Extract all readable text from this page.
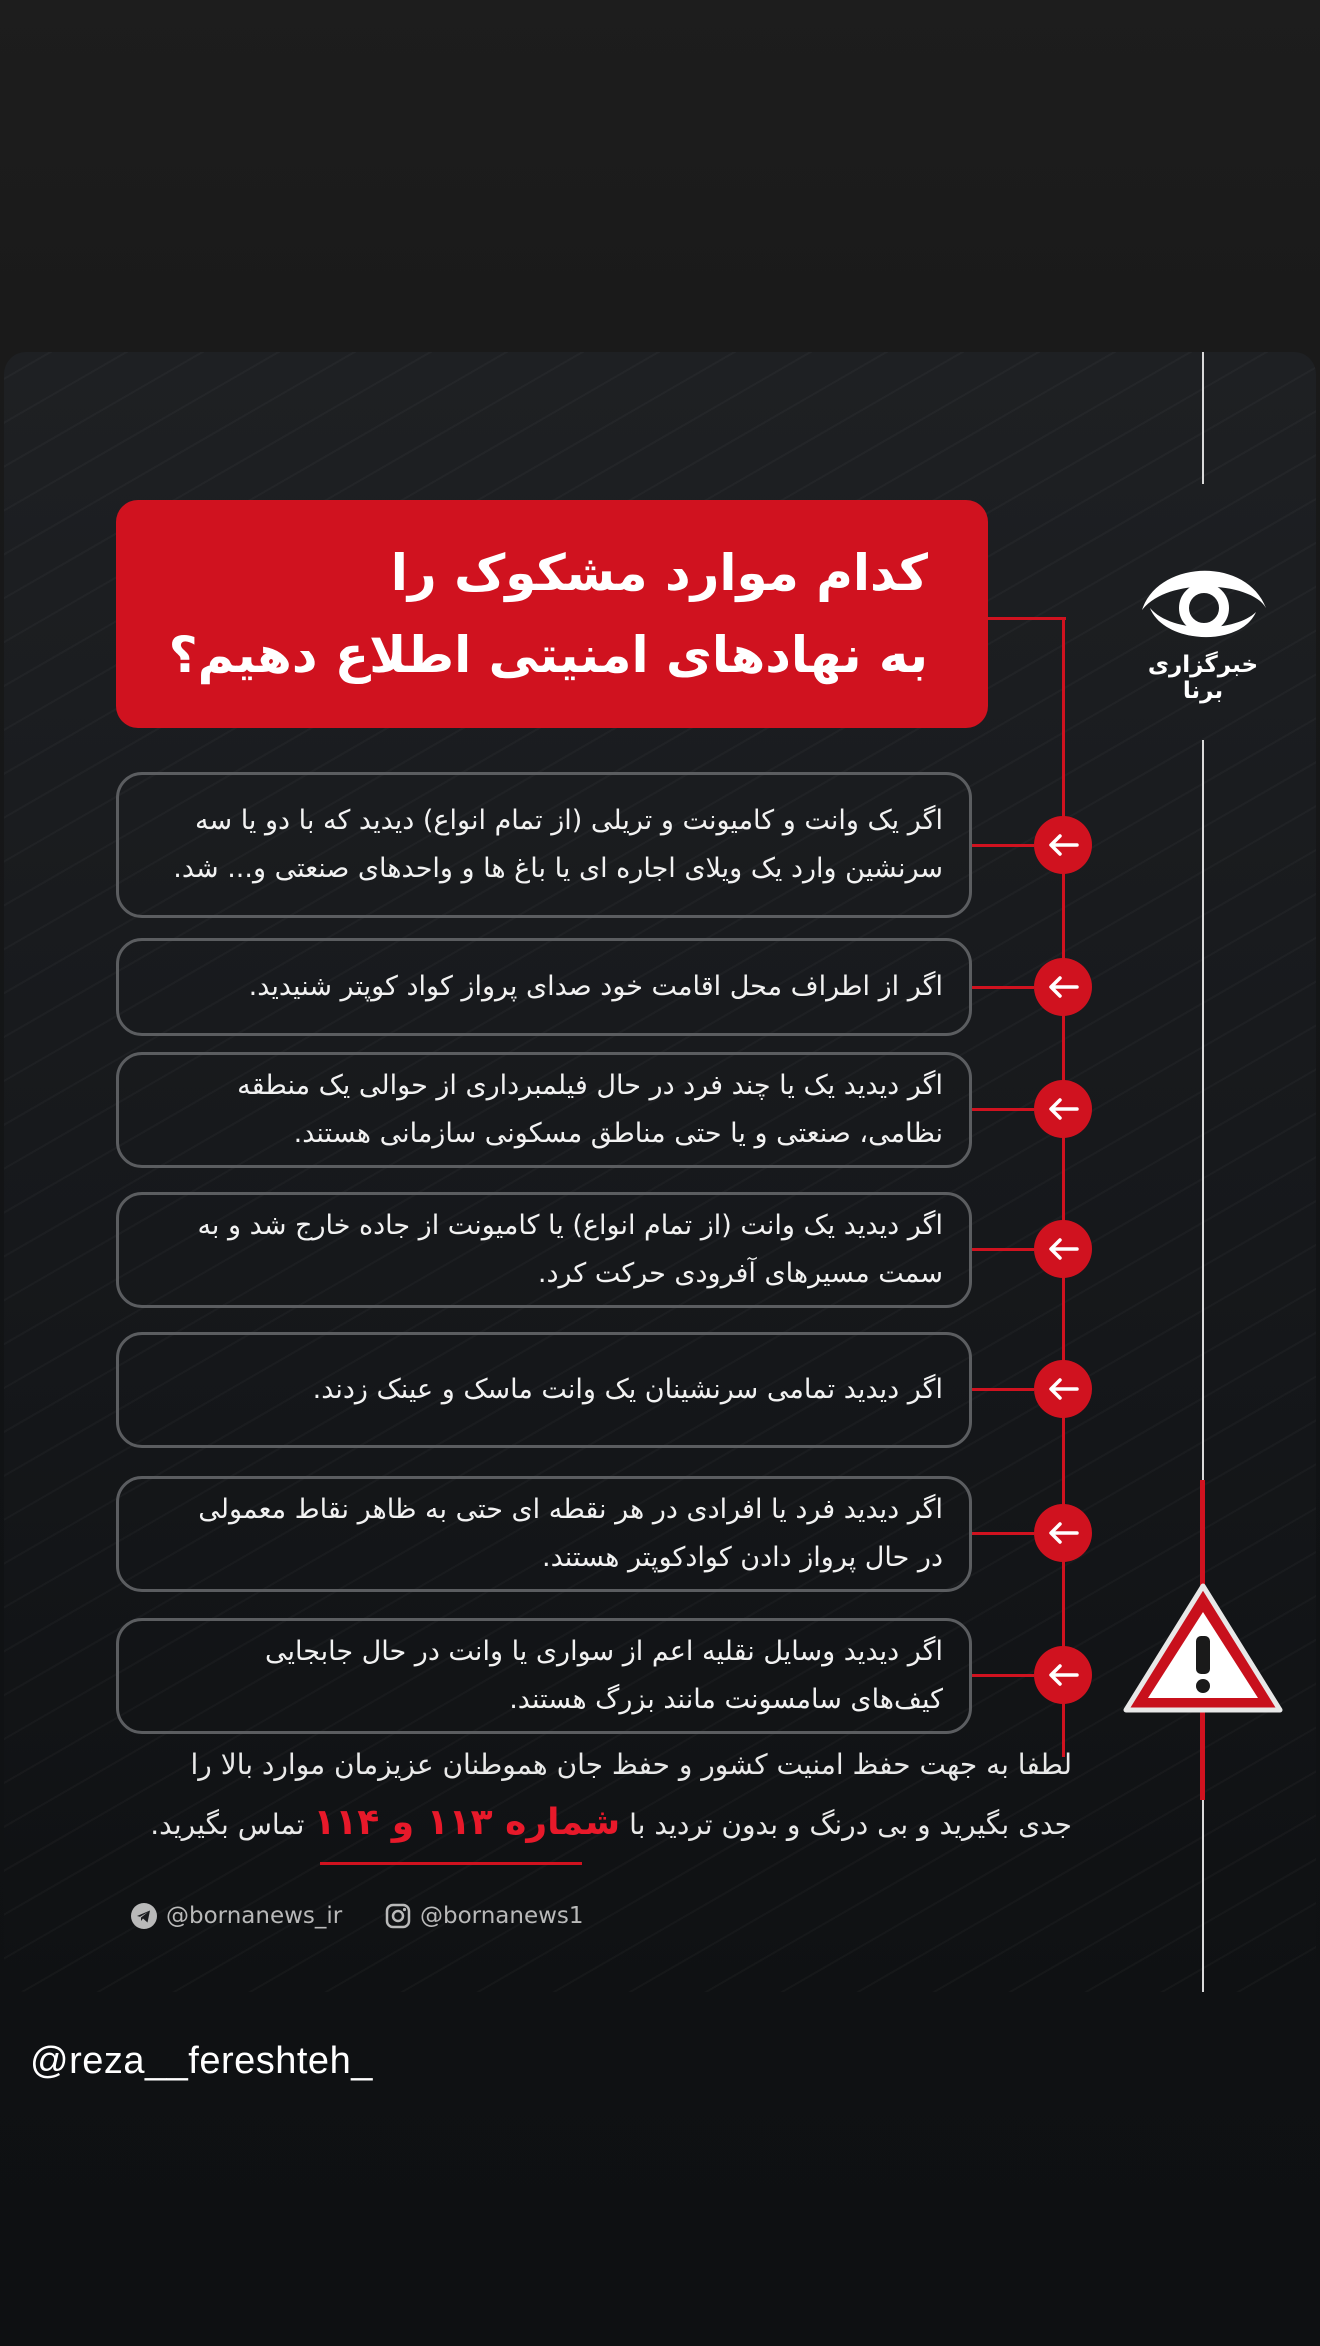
خبرگزاری برنا
کدام موارد مشکوک را
به نهادهای امنیتی اطلاع دهیم؟
اگر یک وانت و کامیونت و تریلی (از تمام انواع) دیدید که با دو یا سه
سرنشین وارد یک ویلای اجاره ای یا باغ ها و واحدهای صنعتی و... شد.
اگر از اطراف محل اقامت خود صدای پرواز کواد کوپتر شنیدید.
اگر دیدید یک یا چند فرد در حال فیلمبرداری از حوالی یک منطقه
نظامی، صنعتی و یا حتی مناطق مسکونی سازمانی هستند.
اگر دیدید یک وانت (از تمام انواع) یا کامیونت از جاده خارج شد و به
سمت مسیرهای آفرودی حرکت کرد.
اگر دیدید تمامی سرنشینان یک وانت ماسک و عینک زدند.
اگر دیدید فرد یا افرادی در هر نقطه ای حتی به ظاهر نقاط معمولی
در حال پرواز دادن کوادکوپتر هستند.
اگر دیدید وسایل نقلیه اعم از سواری یا وانت در حال جابجایی
کیف‌های سامسونت مانند بزرگ هستند.
لطفا به جهت حفظ امنیت کشور و حفظ جان هموطنان عزیزمان موارد بالا را
جدی بگیرید و بی درنگ و بدون تردید با شماره ۱۱۳ و ۱۱۴ تماس بگیرید.
@bornanews_ir	@bornanews1
@reza__fereshteh_
